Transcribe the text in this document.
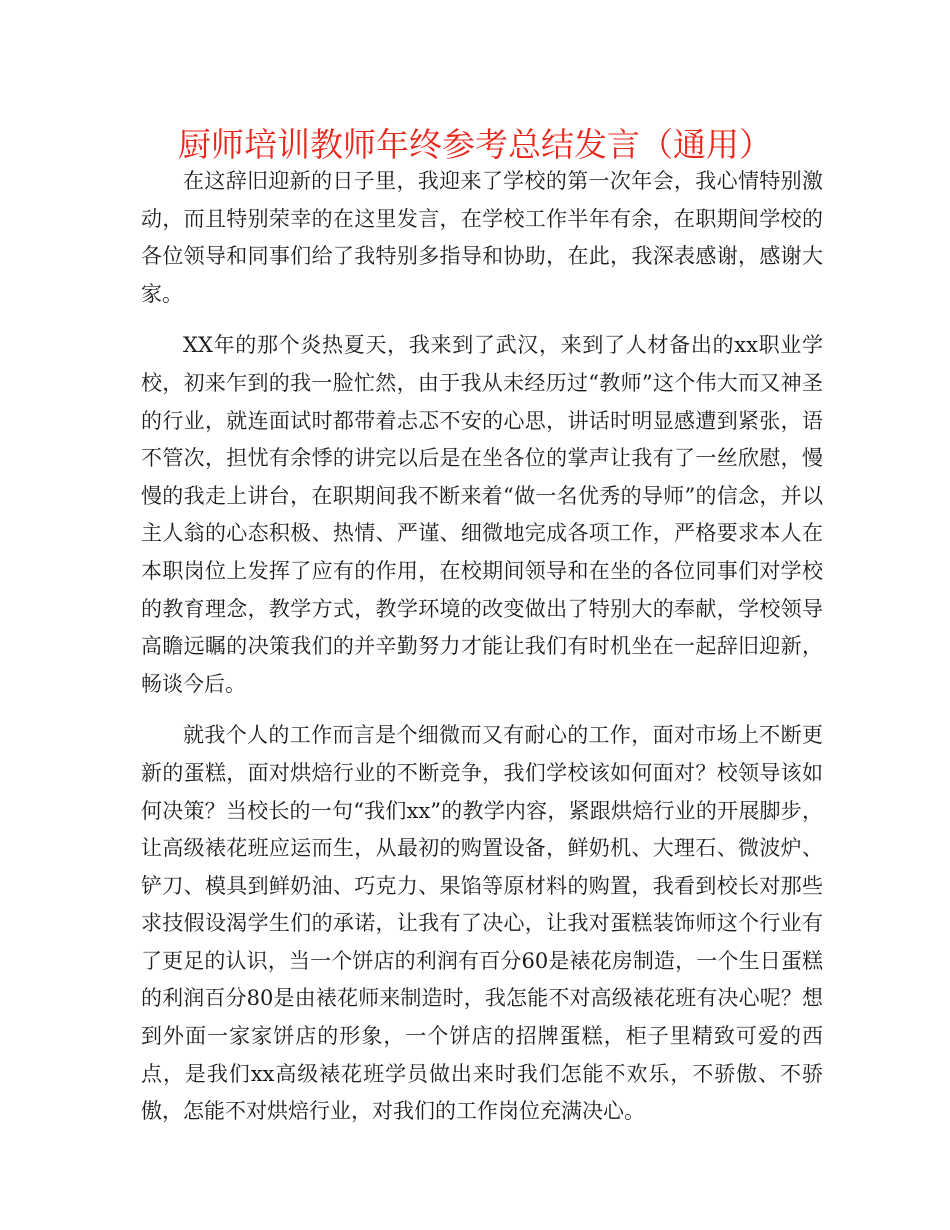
厨师培训教师年终参考总结发言（通用）

在这辞旧迎新的日子里，我迎来了学校的第一次年会，我心情特别激动，而且特别荣幸的在这里发言，在学校工作半年有余，在职期间学校的各位领导和同事们给了我特别多指导和协助，在此，我深表感谢，感谢大家。

XX年的那个炎热夏天，我来到了武汉，来到了人材备出的xx职业学校，初来乍到的我一脸忙然，由于我从未经历过“教师”这个伟大而又神圣的行业，就连面试时都带着忐忑不安的心思，讲话时明显感遭到紧张，语不管次，担忧有余悸的讲完以后是在坐各位的掌声让我有了一丝欣慰，慢慢的我走上讲台，在职期间我不断来着“做一名优秀的导师”的信念，并以主人翁的心态积极、热情、严谨、细微地完成各项工作，严格要求本人在本职岗位上发挥了应有的作用，在校期间领导和在坐的各位同事们对学校的教育理念，教学方式，教学环境的改变做出了特别大的奉献，学校领导高瞻远瞩的决策我们的并辛勤努力才能让我们有时机坐在一起辞旧迎新，畅谈今后。

就我个人的工作而言是个细微而又有耐心的工作，面对市场上不断更新的蛋糕，面对烘焙行业的不断竞争，我们学校该如何面对？校领导该如何决策？当校长的一句“我们xx”的教学内容，紧跟烘焙行业的开展脚步，让高级裱花班应运而生，从最初的购置设备，鲜奶机、大理石、微波炉、铲刀、模具到鲜奶油、巧克力、果馅等原材料的购置，我看到校长对那些求技假设渴学生们的承诺，让我有了决心，让我对蛋糕装饰师这个行业有了更足的认识，当一个饼店的利润有百分60是裱花房制造，一个生日蛋糕的利润百分80是由裱花师来制造时，我怎能不对高级裱花班有决心呢？想到外面一家家饼店的形象，一个饼店的招牌蛋糕，柜子里精致可爱的西点，是我们xx高级裱花班学员做出来时我们怎能不欢乐，不骄傲、不骄傲，怎能不对烘焙行业，对我们的工作岗位充满决心。
